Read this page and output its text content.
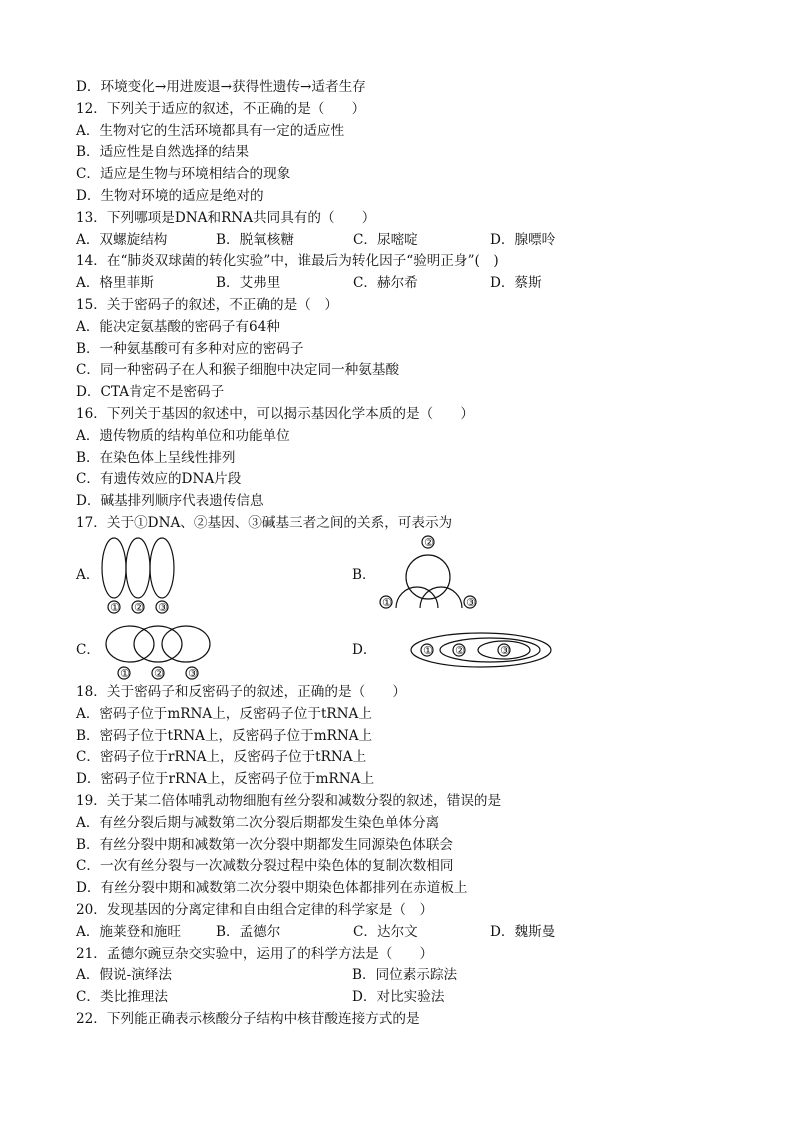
D．环境变化→用进废退→获得性遗传→适者生存
12．下列关于适应的叙述，不正确的是（　　）
A．生物对它的生活环境都具有一定的适应性
B．适应性是自然选择的结果
C．适应是生物与环境相结合的现象
D．生物对环境的适应是绝对的
13．下列哪项是DNA和RNA共同具有的（　　）
A．双螺旋结构	B．脱氧核糖	C．尿嘧啶	D．腺嘌呤
14．在“肺炎双球菌的转化实验”中，谁最后为转化因子“验明正身”(　)
A．格里菲斯	B．艾弗里	C．赫尔希	D．蔡斯
15．关于密码子的叙述，不正确的是（　）
A．能决定氨基酸的密码子有64种
B．一种氨基酸可有多种对应的密码子
C．同一种密码子在人和猴子细胞中决定同一种氨基酸
D．CTA肯定不是密码子
16．下列关于基因的叙述中，可以揭示基因化学本质的是（　　）
A．遗传物质的结构单位和功能单位
B．在染色体上呈线性排列
C．有遗传效应的DNA片段
D．碱基排列顺序代表遗传信息
17．关于①DNA、②基因、③碱基三者之间的关系，可表示为
A．
① ② ③
B．
②
①	③
C．
① ② ③
D．	① ②	③
18．关于密码子和反密码子的叙述，正确的是（　　）
A．密码子位于mRNA上，反密码子位于tRNA上
B．密码子位于tRNA上，反密码子位于mRNA上
C．密码子位于rRNA上，反密码子位于tRNA上
D．密码子位于rRNA上，反密码子位于mRNA上
19．关于某二倍体哺乳动物细胞有丝分裂和减数分裂的叙述，错误的是
A．有丝分裂后期与减数第二次分裂后期都发生染色单体分离
B．有丝分裂中期和减数第一次分裂中期都发生同源染色体联会
C．一次有丝分裂与一次减数分裂过程中染色体的复制次数相同
D．有丝分裂中期和减数第二次分裂中期染色体都排列在赤道板上
20．发现基因的分离定律和自由组合定律的科学家是（　）
A．施莱登和施旺	B．孟德尔	C．达尔文	D．魏斯曼
21．孟德尔豌豆杂交实验中，运用了的科学方法是（　　）
A．假说-演绎法	B．同位素示踪法
C．类比推理法	D．对比实验法
22．下列能正确表示核酸分子结构中核苷酸连接方式的是
